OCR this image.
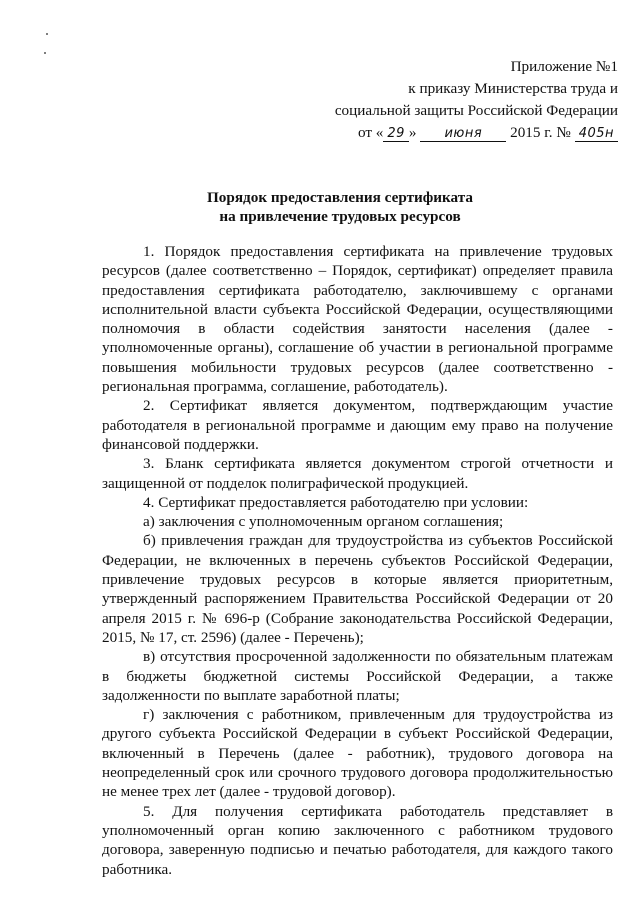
Приложение №1
к приказу Министерства труда и
социальной защиты Российской Федерации
от « 29 » июня 2015 г. № 405н
Порядок предоставления сертификата
на привлечение трудовых ресурсов

1. Порядок предоставления сертификата на привлечение трудовых ресурсов (далее соответственно – Порядок, сертификат) определяет правила предоставления сертификата работодателю, заключившему с органами исполнительной власти субъекта Российской Федерации, осуществляющими полномочия в области содействия занятости населения (далее - уполномоченные органы), соглашение об участии в региональной программе повышения мобильности трудовых ресурсов (далее соответственно - региональная программа, соглашение, работодатель).

2. Сертификат является документом, подтверждающим участие работодателя в региональной программе и дающим ему право на получение финансовой поддержки.

3. Бланк сертификата является документом строгой отчетности и защищенной от подделок полиграфической продукцией.

4. Сертификат предоставляется работодателю при условии:

а) заключения с уполномоченным органом соглашения;

б) привлечения граждан для трудоустройства из субъектов Российской Федерации, не включенных в перечень субъектов Российской Федерации, привлечение трудовых ресурсов в которые является приоритетным, утвержденный распоряжением Правительства Российской Федерации от 20 апреля 2015 г. № 696-р (Собрание законодательства Российской Федерации, 2015, № 17, ст. 2596) (далее - Перечень);

в) отсутствия просроченной задолженности по обязательным платежам в бюджеты бюджетной системы Российской Федерации, а также задолженности по выплате заработной платы;

г) заключения с работником, привлеченным для трудоустройства из другого субъекта Российской Федерации в субъект Российской Федерации, включенный в Перечень (далее - работник), трудового договора на неопределенный срок или срочного трудового договора продолжительностью не менее трех лет (далее - трудовой договор).

5. Для получения сертификата работодатель представляет в уполномоченный орган копию заключенного с работником трудового договора, заверенную подписью и печатью работодателя, для каждого такого работника.
